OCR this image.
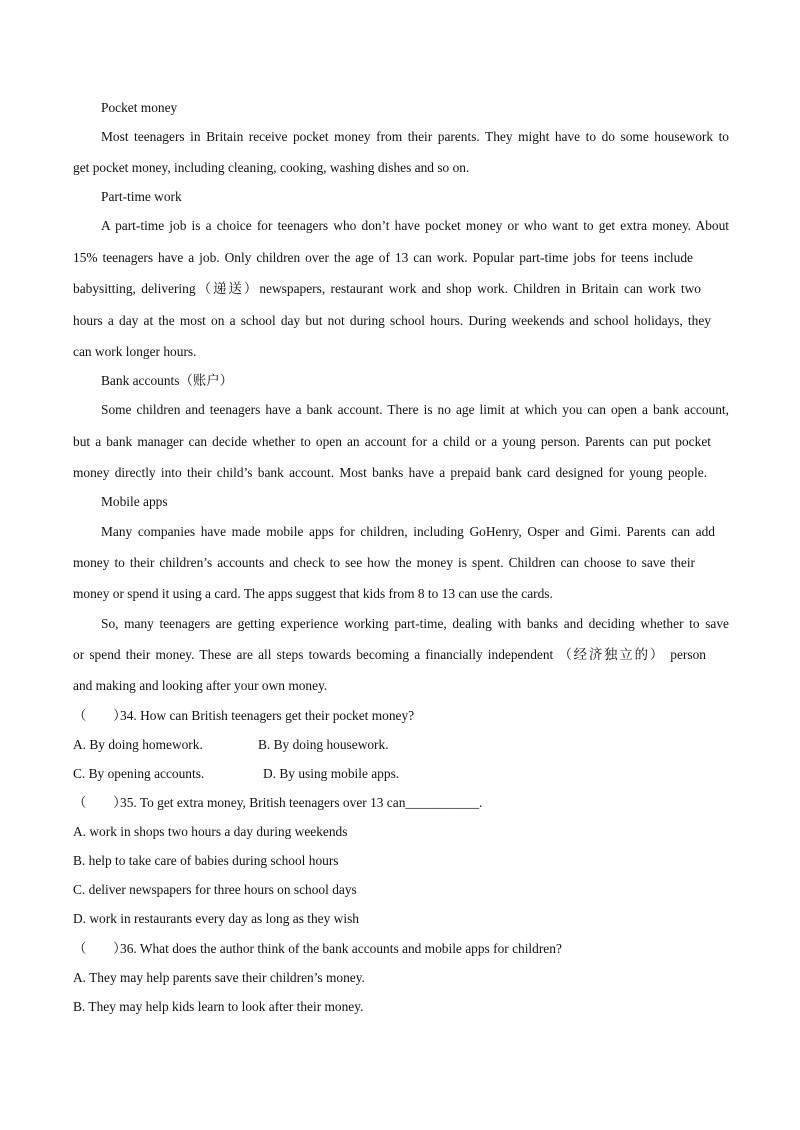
Pocket money
Most teenagers in Britain receive pocket money from their parents. They might have to do some housework to
get pocket money, including cleaning, cooking, washing dishes and so on.
Part-time work
A part-time job is a choice for teenagers who don’t have pocket money or who want to get extra money. About
15% teenagers have a job. Only children over the age of 13 can work. Popular part-time jobs for teens include
babysitting, delivering（递送）newspapers, restaurant work and shop work. Children in Britain can work two
hours a day at the most on a school day but not during school hours. During weekends and school holidays, they
can work longer hours.
Bank accounts（账户）
Some children and teenagers have a bank account. There is no age limit at which you can open a bank account,
but a bank manager can decide whether to open an account for a child or a young person. Parents can put pocket
money directly into their child’s bank account. Most banks have a prepaid bank card designed for young people.
Mobile apps
Many companies have made mobile apps for children, including GoHenry, Osper and Gimi. Parents can add
money to their children’s accounts and check to see how the money is spent. Children can choose to save their
money or spend it using a card. The apps suggest that kids from 8 to 13 can use the cards.
So, many teenagers are getting experience working part-time, dealing with banks and deciding whether to save
or spend their money. These are all steps towards becoming a financially independent （经济独立的） person
and making and looking after your own money.
（　　）34. How can British teenagers get their pocket money?
A. By doing homework.	B. By doing housework.
C. By opening accounts.	D. By using mobile apps.
（　　）35. To get extra money, British teenagers over 13 can___________.
A. work in shops two hours a day during weekends
B. help to take care of babies during school hours
C. deliver newspapers for three hours on school days
D. work in restaurants every day as long as they wish
（　　）36. What does the author think of the bank accounts and mobile apps for children?
A. They may help parents save their children’s money.
B. They may help kids learn to look after their money.
